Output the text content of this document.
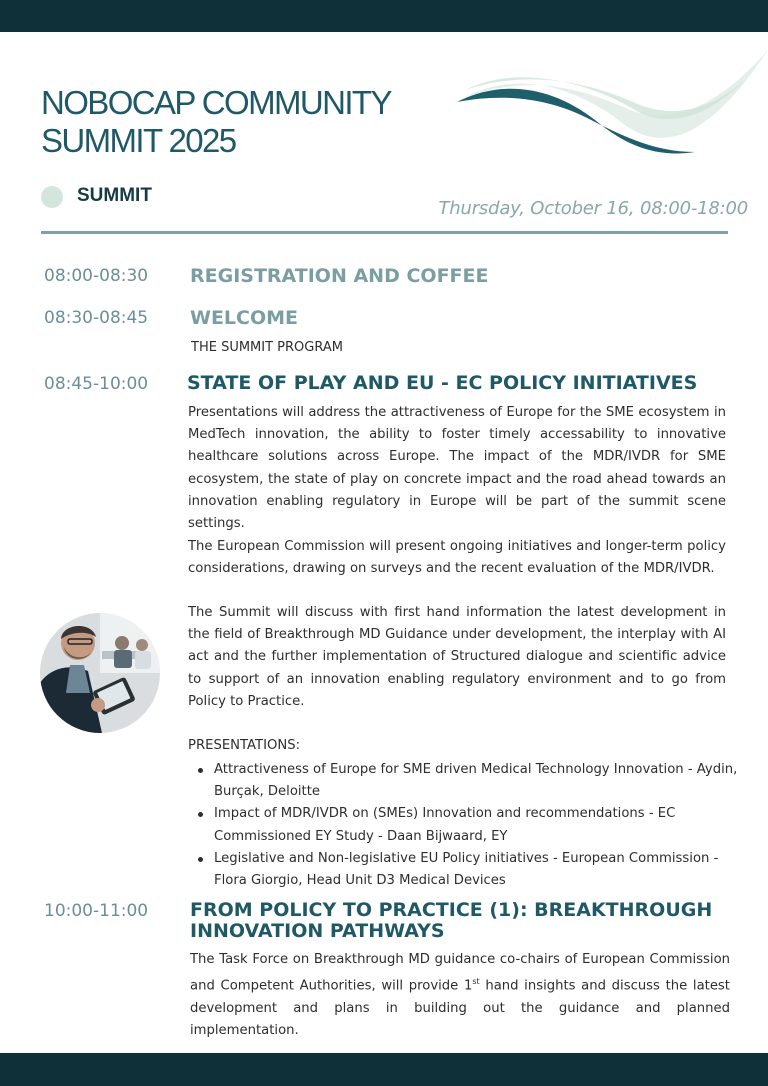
NOBOCAP COMMUNITY
SUMMIT 2025
SUMMIT
Thursday, October 16, 08:00-18:00
08:00-08:30 REGISTRATION AND COFFEE
08:30-08:45 WELCOME
THE SUMMIT PROGRAM
08:45-10:00 STATE OF PLAY AND EU - EC POLICY INITIATIVES

Presentations will address the attractiveness of Europe for the SME ecosystem in MedTech innovation, the ability to foster timely accessability to innovative healthcare solutions across Europe. The impact of the MDR/IVDR for SME ecosystem, the state of play on concrete impact and the road ahead towards an innovation enabling regulatory in Europe will be part of the summit scene settings.

The European Commission will present ongoing initiatives and longer-term policy considerations, drawing on surveys and the recent evaluation of the MDR/IVDR.

The Summit will discuss with first hand information the latest development in the field of Breakthrough MD Guidance under development, the interplay with AI act and the further implementation of Structured dialogue and scientific advice to support of an innovation enabling regulatory environment and to go from Policy to Practice.

PRESENTATIONS:
Attractiveness of Europe for SME driven Medical Technology Innovation - Aydin, Burçak, Deloitte
Impact of MDR/IVDR on (SMEs) Innovation and recommendations - EC Commissioned EY Study - Daan Bijwaard, EY
Legislative and Non-legislative EU Policy initiatives - European Commission - Flora Giorgio, Head Unit D3 Medical Devices
10:00-11:00 FROM POLICY TO PRACTICE (1): BREAKTHROUGH INNOVATION PATHWAYS

The Task Force on Breakthrough MD guidance co-chairs of European Commission and Competent Authorities, will provide 1st hand insights and discuss the latest development and plans in building out the guidance and planned implementation.
